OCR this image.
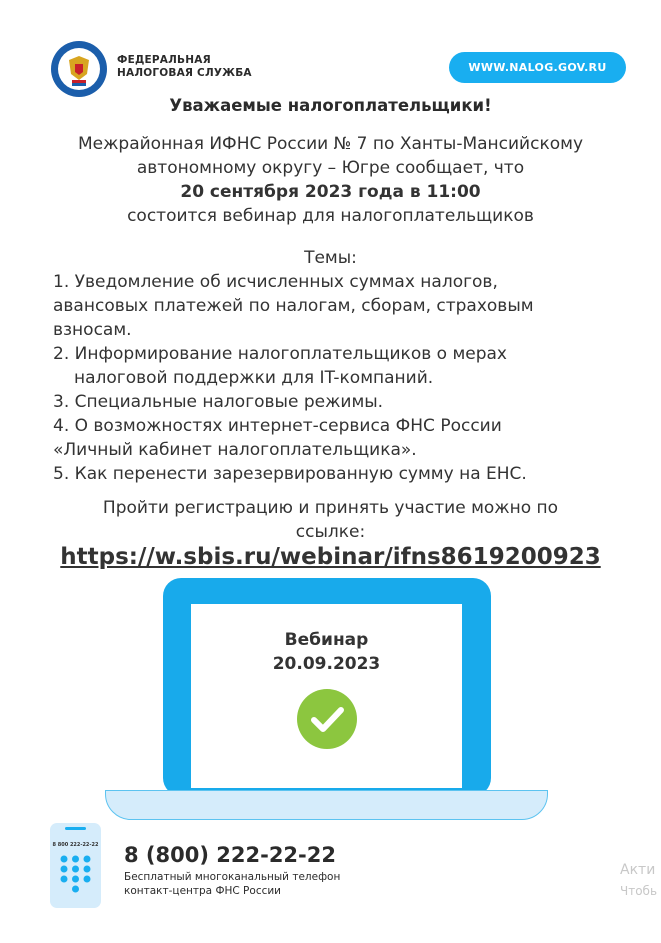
ФЕДЕРАЛЬНАЯ
НАЛОГОВАЯ СЛУЖБА	WWW.NALOG.GOV.RU
Уважаемые налогоплательщики!
Межрайонная ИФНС России № 7 по Ханты-Мансийскому
автономному округу – Югре сообщает, что
20 сентября 2023 года в 11:00
состоится вебинар для налогоплательщиков
Темы:
1. Уведомление об исчисленных суммах налогов,
авансовых платежей по налогам, сборам, страховым
взносам.
2. Информирование налогоплательщиков о мерах
налоговой поддержки для IT-компаний.
3. Специальные налоговые режимы.
4. О возможностях интернет-сервиса ФНС России
«Личный кабинет налогоплательщика».
5. Как перенести зарезервированную сумму на ЕНС.
Пройти регистрацию и принять участие можно по
ссылке:
https://w.sbis.ru/webinar/ifns8619200923
Вебинар
20.09.2023
8 800 222-22-22 8 (800) 222-22-22
Бесплатный многоканальный телефон
контакт-центра ФНС России
Акти
Чтобь
